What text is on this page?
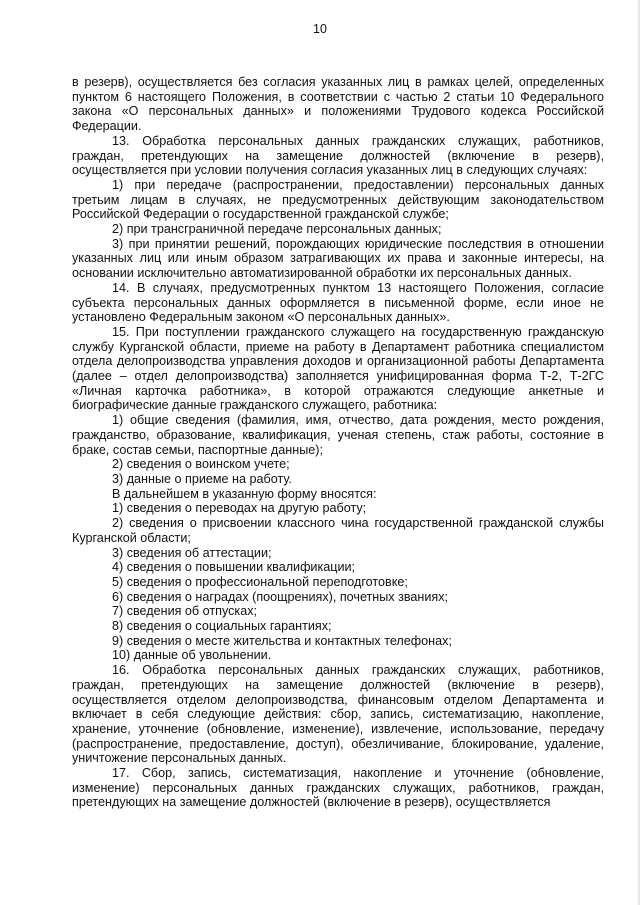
10

в резерв), осуществляется без согласия указанных лиц в рамках целей, определенных пунктом 6 настоящего Положения, в соответствии с частью 2 статьи 10 Федерального закона «О персональных данных» и положениями Трудового кодекса Российской Федерации.

13. Обработка персональных данных гражданских служащих, работников, граждан, претендующих на замещение должностей (включение в резерв), осуществляется при условии получения согласия указанных лиц в следующих случаях:

1) при передаче (распространении, предоставлении) персональных данных третьим лицам в случаях, не предусмотренных действующим законодательством Российской Федерации о государственной гражданской службе;

2) при трансграничной передаче персональных данных;

3) при принятии решений, порождающих юридические последствия в отношении указанных лиц или иным образом затрагивающих их права и законные интересы, на основании исключительно автоматизированной обработки их персональных данных.

14. В случаях, предусмотренных пунктом 13 настоящего Положения, согласие субъекта персональных данных оформляется в письменной форме, если иное не установлено Федеральным законом «О персональных данных».

15. При поступлении гражданского служащего на государственную гражданскую службу Курганской области, приеме на работу в Департамент работника специалистом отдела делопроизводства управления доходов и организационной работы Департамента (далее – отдел делопроизводства) заполняется унифицированная форма Т-2, Т-2ГС «Личная карточка работника», в которой отражаются следующие анкетные и биографические данные гражданского служащего, работника:

1) общие сведения (фамилия, имя, отчество, дата рождения, место рождения, гражданство, образование, квалификация, ученая степень, стаж работы, состояние в браке, состав семьи, паспортные данные);

2) сведения о воинском учете;

3) данные о приеме на работу.

В дальнейшем в указанную форму вносятся:

1) сведения о переводах на другую работу;

2) сведения о присвоении классного чина государственной гражданской службы Курганской области;

3) сведения об аттестации;

4) сведения о повышении квалификации;

5) сведения о профессиональной переподготовке;

6) сведения о наградах (поощрениях), почетных званиях;

7) сведения об отпусках;

8) сведения о социальных гарантиях;

9) сведения о месте жительства и контактных телефонах;

10) данные об увольнении.

16. Обработка персональных данных гражданских служащих, работников, граждан, претендующих на замещение должностей (включение в резерв), осуществляется отделом делопроизводства, финансовым отделом Департамента и включает в себя следующие действия: сбор, запись, систематизацию, накопление, хранение, уточнение (обновление, изменение), извлечение, использование, передачу (распространение, предоставление, доступ), обезличивание, блокирование, удаление, уничтожение персональных данных.

17. Сбор, запись, систематизация, накопление и уточнение (обновление, изменение) персональных данных гражданских служащих, работников, граждан, претендующих на замещение должностей (включение в резерв), осуществляется
